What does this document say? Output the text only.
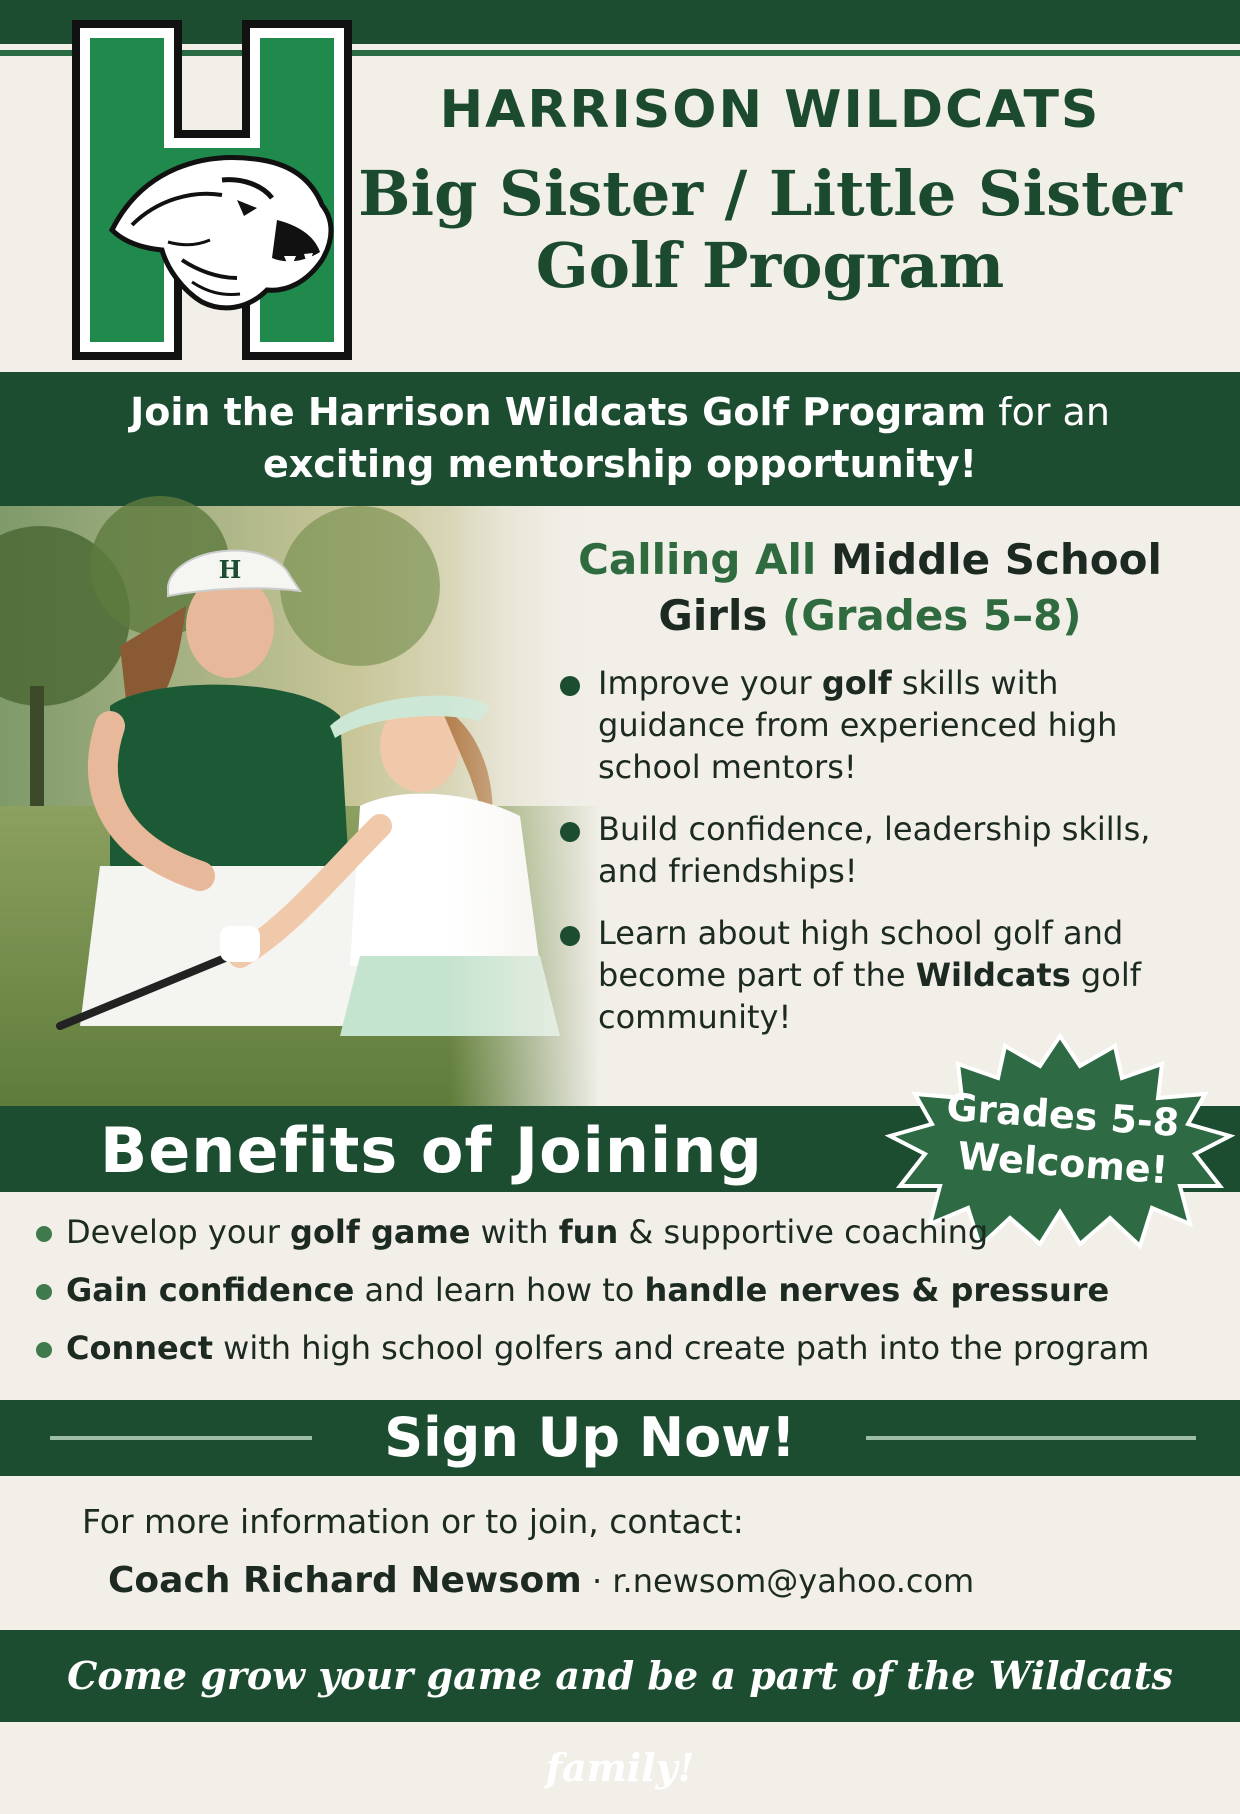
HARRISON WILDCATS
Big Sister / Little Sister
Golf Program
Join the Harrison Wildcats Golf Program for an
exciting mentorship opportunity!
Calling All Middle School
Girls (Grades 5–8)
Improve your golf skills with guidance from experienced high school mentors!
Build confidence, leadership skills, and friendships!
Learn about high school golf and become part of the Wildcats golf community!
Benefits of Joining	Grades 5-8
Welcome!
Develop your golf game with fun & supportive coaching
Gain confidence and learn how to handle nerves & pressure
Connect with high school golfers and create path into the program
Sign Up Now!
For more information or to join, contact:
Coach Richard Newsom · r.newsom@yahoo.com
Come grow your game and be a part of the Wildcats family!
